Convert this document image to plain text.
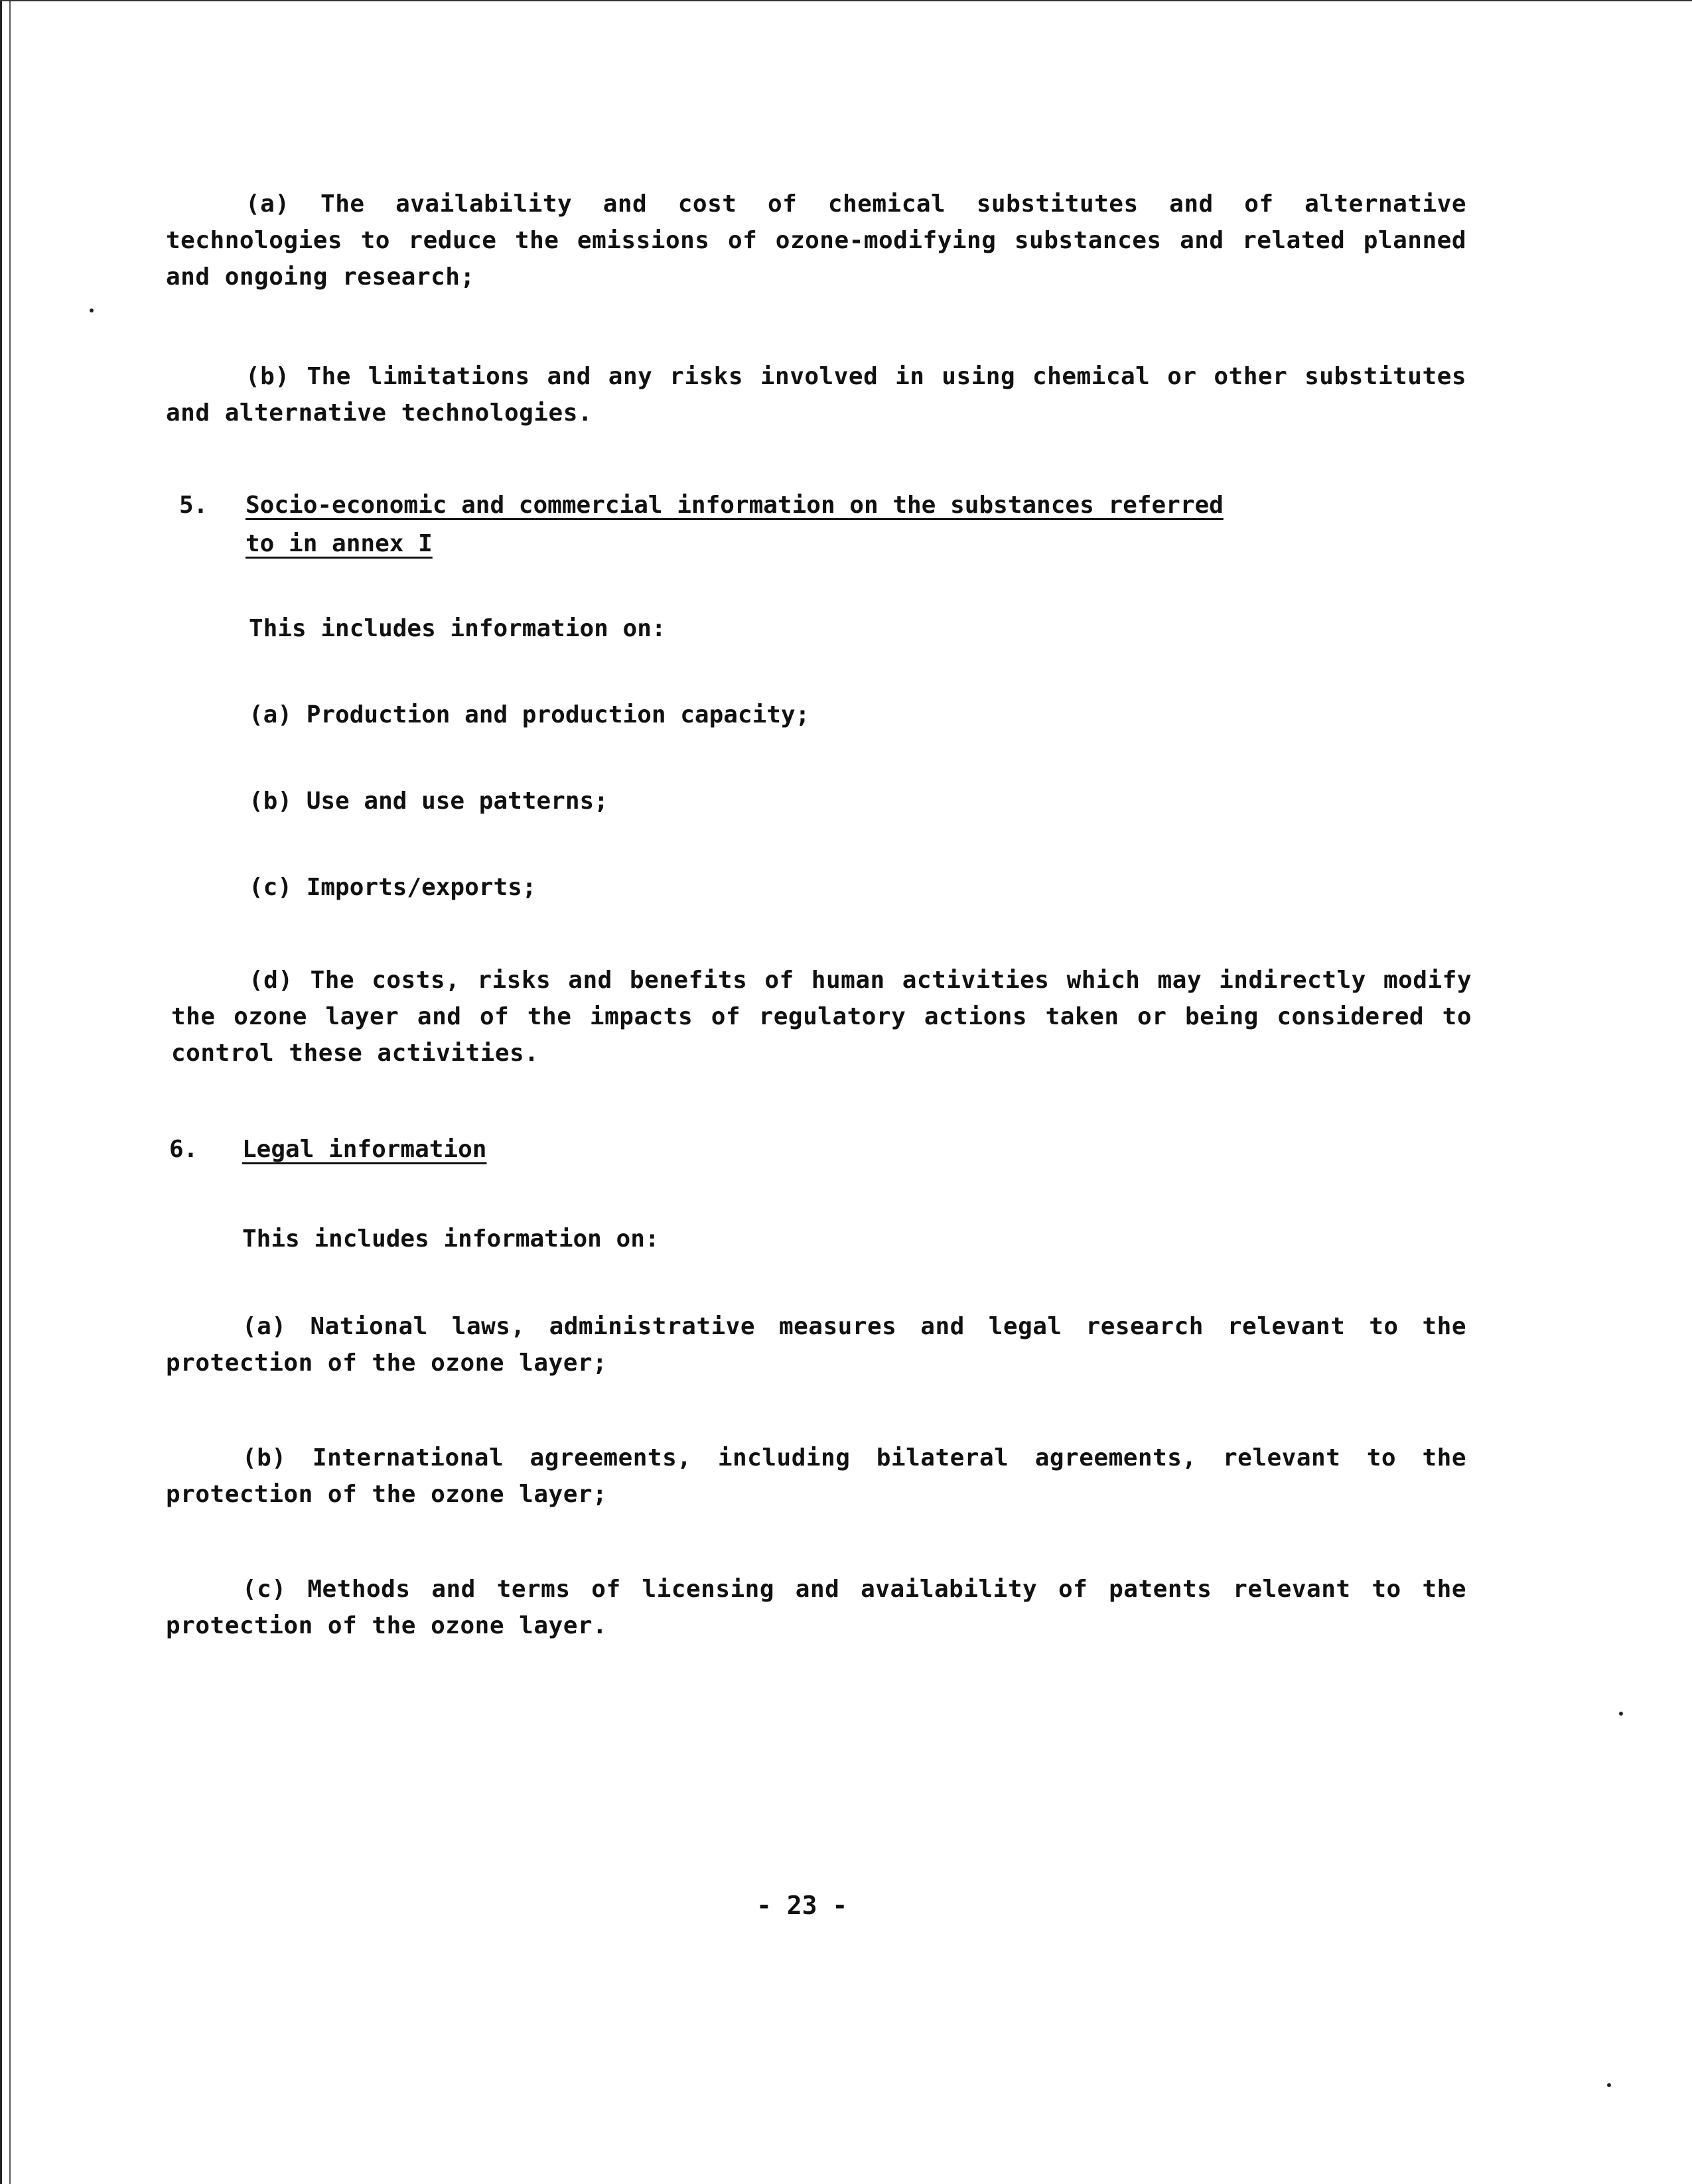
(a) The availability and cost of chemical substitutes and of alternative
technologies to reduce the emissions of ozone-modifying substances and related planned
and ongoing research;
(b) The limitations and any risks involved in using chemical or other substitutes
and alternative technologies.
5. Socio-economic and commercial information on the substances referred
to in annex I
This includes information on:
(a) Production and production capacity;
(b) Use and use patterns;
(c) Imports/exports;
(d) The costs, risks and benefits of human activities which may indirectly modify
the ozone layer and of the impacts of regulatory actions taken or being considered to
control these activities.
6. Legal information
This includes information on:
(a) National laws, administrative measures and legal research relevant to the
protection of the ozone layer;
(b) International agreements, including bilateral agreements, relevant to the
protection of the ozone layer;
(c) Methods and terms of licensing and availability of patents relevant to the
protection of the ozone layer.
- 23 -
